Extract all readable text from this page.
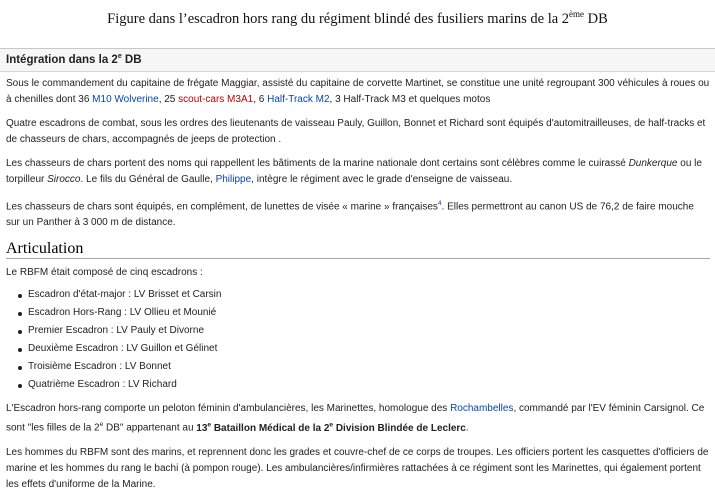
Figure dans l’escadron hors rang du régiment blindé des fusiliers marins de la 2ème DB
Intégration dans la 2e DB

Sous le commandement du capitaine de frégate Maggiar, assisté du capitaine de corvette Martinet, se constitue une unité regroupant 300 véhicules à roues ou à chenilles dont 36 M10 Wolverine, 25 scout-cars M3A1, 6 Half-Track M2, 3 Half-Track M3 et quelques motos

Quatre escadrons de combat, sous les ordres des lieutenants de vaisseau Pauly, Guillon, Bonnet et Richard sont équipés d'automitrailleuses, de half-tracks et de chasseurs de chars, accompagnés de jeeps de protection .

Les chasseurs de chars portent des noms qui rappellent les bâtiments de la marine nationale dont certains sont célèbres comme le cuirassé Dunkerque ou le torpilleur Sirocco. Le fils du Général de Gaulle, Philippe, intègre le régiment avec le grade d'enseigne de vaisseau.

Les chasseurs de chars sont équipés, en complément, de lunettes de visée « marine » françaises$^4$. Elles permettront au canon US de 76,2 de faire mouche sur un Panther à 3 000 m de distance.

Articulation

Le RBFM était composé de cinq escadrons :

Escadron d'état-major : LV Brisset et Carsin
Escadron Hors-Rang : LV Ollieu et Mounié
Premier Escadron : LV Pauly et Divorne
Deuxième Escadron : LV Guillon et Gélinet
Troisième Escadron : LV Bonnet
Quatrième Escadron : LV Richard

L'Escadron hors-rang comporte un peloton féminin d'ambulancières, les Marinettes, homologue des Rochambelles, commandé par l'EV féminin Carsignol. Ce sont "les filles de la 2e DB" appartenant au 13e Bataillon Médical de la 2e Division Blindée de Leclerc.

Les hommes du RBFM sont des marins, et reprennent donc les grades et couvre-chef de ce corps de troupes. Les officiers portent les casquettes d'officiers de marine et les hommes du rang le bachi (à pompon rouge). Les ambulancières/infirmières rattachées à ce régiment sont les Marinettes, qui également portent les effets d'uniforme de la Marine.
